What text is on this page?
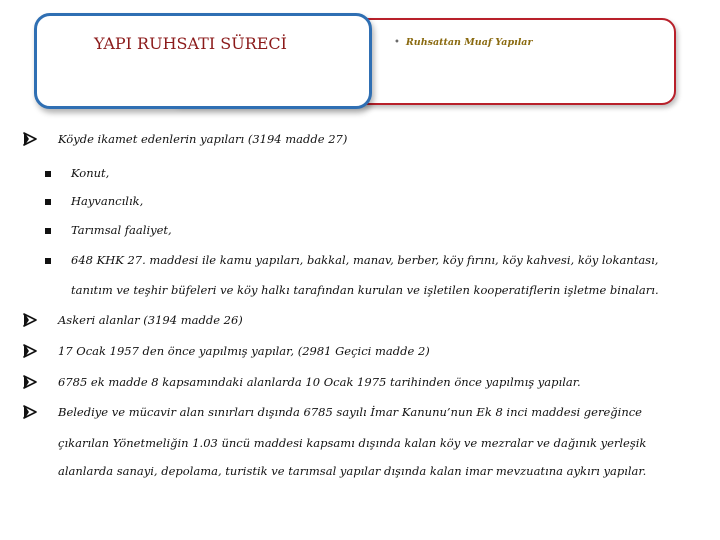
YAPI RUHSATI SÜRECİ	• Ruhsattan Muaf Yapılar
Köyde ikamet edenlerin yapıları (3194 madde 27)
Konut,
Hayvancılık,
Tarımsal faaliyet,
648 KHK 27. maddesi ile kamu yapıları, bakkal, manav, berber, köy fırını, köy kahvesi, köy lokantası,
tanıtım ve teşhir büfeleri ve köy halkı tarafından kurulan ve işletilen kooperatiflerin işletme binaları.
Askeri alanlar (3194 madde 26)
17 Ocak 1957 den önce yapılmış yapılar, (2981 Geçici madde 2)
6785 ek madde 8 kapsamındaki alanlarda 10 Ocak 1975 tarihinden önce yapılmış yapılar.
Belediye ve mücavir alan sınırları dışında 6785 sayılı İmar Kanunu’nun Ek 8 inci maddesi gereğince
çıkarılan Yönetmeliğin 1.03 üncü maddesi kapsamı dışında kalan köy ve mezralar ve dağınık yerleşik
alanlarda sanayi, depolama, turistik ve tarımsal yapılar dışında kalan imar mevzuatına aykırı yapılar.
